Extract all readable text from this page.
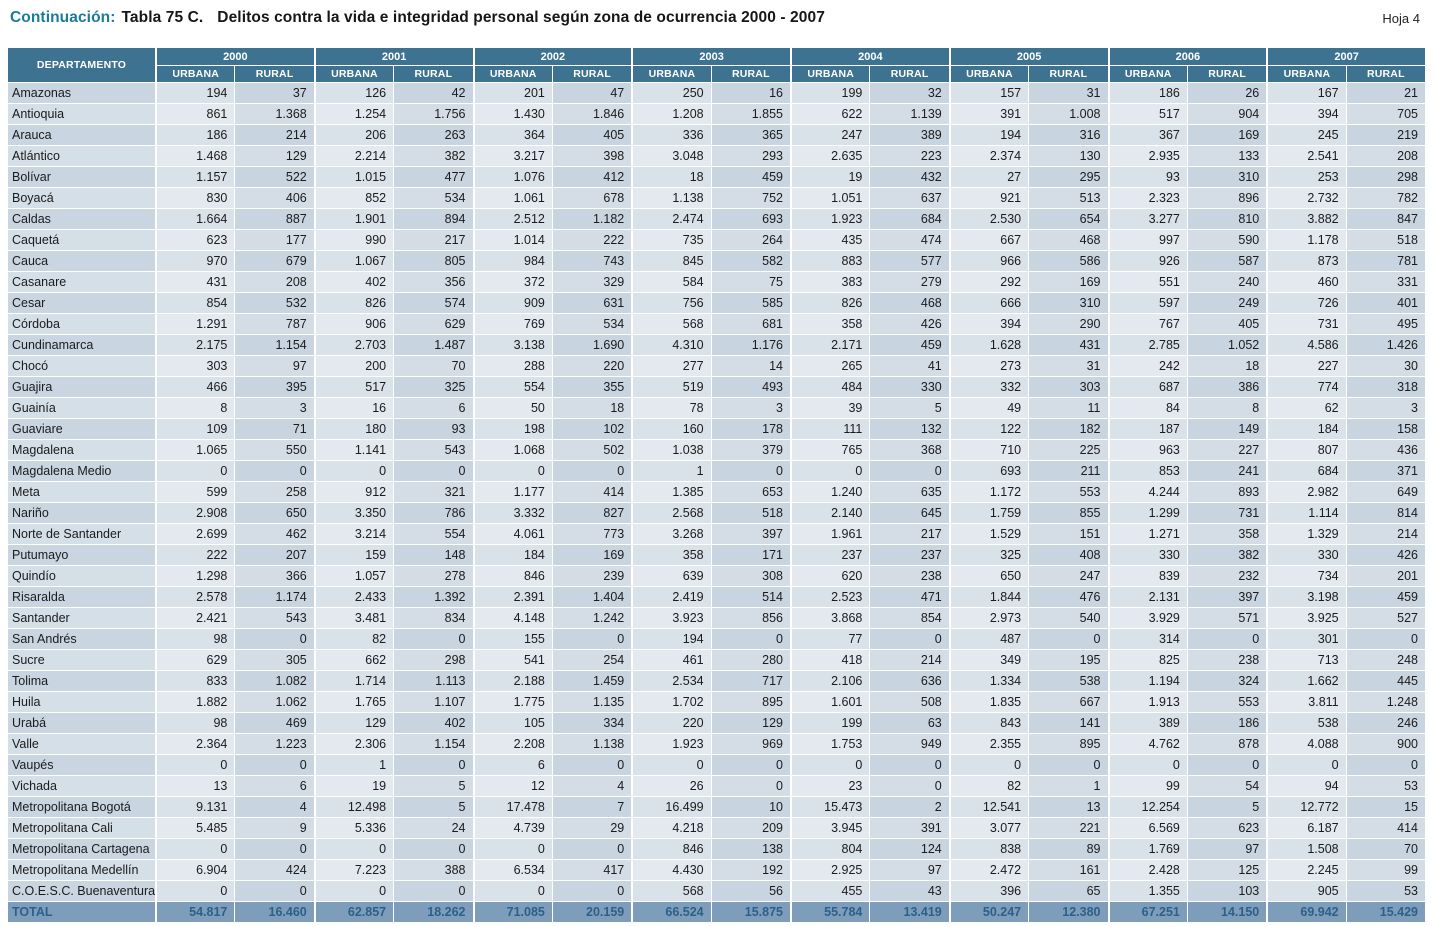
Continuación: Tabla 75 C. Delitos contra la vida e integridad personal según zona de ocurrencia 2000 - 2007	Hoja 4
DEPARTAMENTO	2000		2001		2002		2003		2004		2005		2006		2007	
	URBANA	RURAL	URBANA	RURAL	URBANA	RURAL	URBANA	RURAL	URBANA	RURAL	URBANA	RURAL	URBANA	RURAL	URBANA	RURAL
Amazonas	194	37	126	42	201	47	250	16	199	32	157	31	186	26	167	21
Antioquia	861	1.368	1.254	1.756	1.430	1.846	1.208	1.855	622	1.139	391	1.008	517	904	394	705
Arauca	186	214	206	263	364	405	336	365	247	389	194	316	367	169	245	219
Atlántico	1.468	129	2.214	382	3.217	398	3.048	293	2.635	223	2.374	130	2.935	133	2.541	208
Bolívar	1.157	522	1.015	477	1.076	412	18	459	19	432	27	295	93	310	253	298
Boyacá	830	406	852	534	1.061	678	1.138	752	1.051	637	921	513	2.323	896	2.732	782
Caldas	1.664	887	1.901	894	2.512	1.182	2.474	693	1.923	684	2.530	654	3.277	810	3.882	847
Caquetá	623	177	990	217	1.014	222	735	264	435	474	667	468	997	590	1.178	518
Cauca	970	679	1.067	805	984	743	845	582	883	577	966	586	926	587	873	781
Casanare	431	208	402	356	372	329	584	75	383	279	292	169	551	240	460	331
Cesar	854	532	826	574	909	631	756	585	826	468	666	310	597	249	726	401
Córdoba	1.291	787	906	629	769	534	568	681	358	426	394	290	767	405	731	495
Cundinamarca	2.175	1.154	2.703	1.487	3.138	1.690	4.310	1.176	2.171	459	1.628	431	2.785	1.052	4.586	1.426
Chocó	303	97	200	70	288	220	277	14	265	41	273	31	242	18	227	30
Guajira	466	395	517	325	554	355	519	493	484	330	332	303	687	386	774	318
Guainía	8	3	16	6	50	18	78	3	39	5	49	11	84	8	62	3
Guaviare	109	71	180	93	198	102	160	178	111	132	122	182	187	149	184	158
Magdalena	1.065	550	1.141	543	1.068	502	1.038	379	765	368	710	225	963	227	807	436
Magdalena Medio	0	0	0	0	0	0	1	0	0	0	693	211	853	241	684	371
Meta	599	258	912	321	1.177	414	1.385	653	1.240	635	1.172	553	4.244	893	2.982	649
Nariño	2.908	650	3.350	786	3.332	827	2.568	518	2.140	645	1.759	855	1.299	731	1.114	814
Norte de Santander	2.699	462	3.214	554	4.061	773	3.268	397	1.961	217	1.529	151	1.271	358	1.329	214
Putumayo	222	207	159	148	184	169	358	171	237	237	325	408	330	382	330	426
Quindío	1.298	366	1.057	278	846	239	639	308	620	238	650	247	839	232	734	201
Risaralda	2.578	1.174	2.433	1.392	2.391	1.404	2.419	514	2.523	471	1.844	476	2.131	397	3.198	459
Santander	2.421	543	3.481	834	4.148	1.242	3.923	856	3.868	854	2.973	540	3.929	571	3.925	527
San Andrés	98	0	82	0	155	0	194	0	77	0	487	0	314	0	301	0
Sucre	629	305	662	298	541	254	461	280	418	214	349	195	825	238	713	248
Tolima	833	1.082	1.714	1.113	2.188	1.459	2.534	717	2.106	636	1.334	538	1.194	324	1.662	445
Huila	1.882	1.062	1.765	1.107	1.775	1.135	1.702	895	1.601	508	1.835	667	1.913	553	3.811	1.248
Urabá	98	469	129	402	105	334	220	129	199	63	843	141	389	186	538	246
Valle	2.364	1.223	2.306	1.154	2.208	1.138	1.923	969	1.753	949	2.355	895	4.762	878	4.088	900
Vaupés	0	0	1	0	6	0	0	0	0	0	0	0	0	0	0	0
Vichada	13	6	19	5	12	4	26	0	23	0	82	1	99	54	94	53
Metropolitana Bogotá	9.131	4	12.498	5	17.478	7	16.499	10	15.473	2	12.541	13	12.254	5	12.772	15
Metropolitana Cali	5.485	9	5.336	24	4.739	29	4.218	209	3.945	391	3.077	221	6.569	623	6.187	414
Metropolitana Cartagena	0	0	0	0	0	0	846	138	804	124	838	89	1.769	97	1.508	70
Metropolitana Medellín	6.904	424	7.223	388	6.534	417	4.430	192	2.925	97	2.472	161	2.428	125	2.245	99
C.O.E.S.C. Buenaventura	0	0	0	0	0	0	568	56	455	43	396	65	1.355	103	905	53
TOTAL	54.817	16.460	62.857	18.262	71.085	20.159	66.524	15.875	55.784	13.419	50.247	12.380	67.251	14.150	69.942	15.429
